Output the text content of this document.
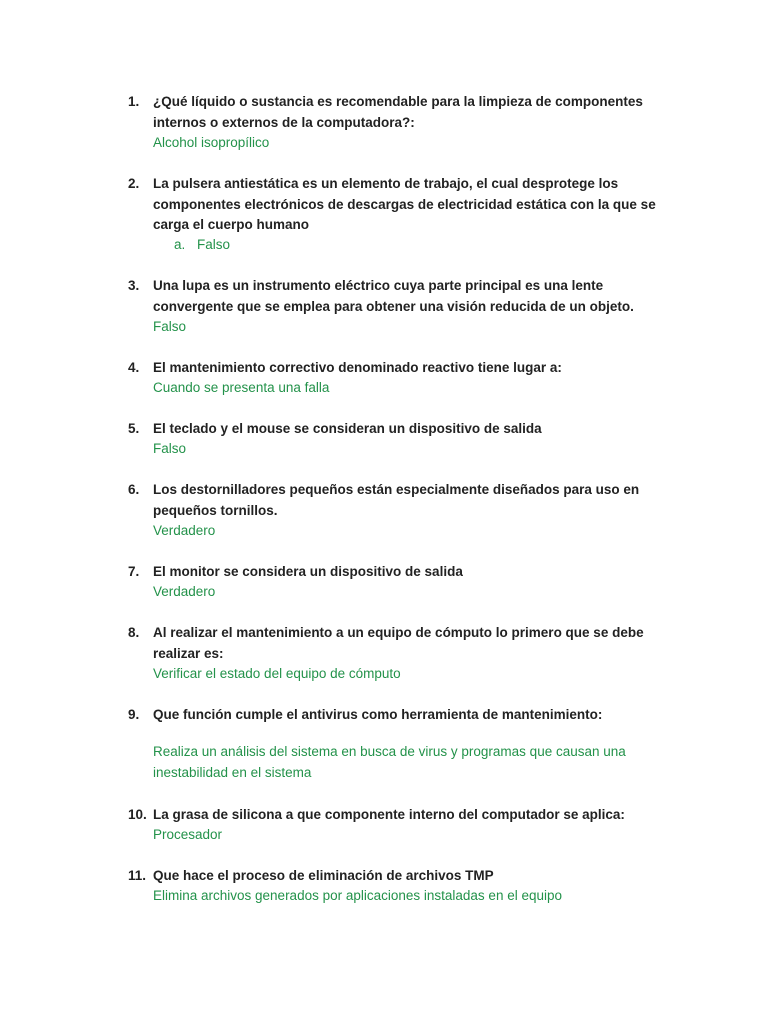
1.	¿Qué líquido o sustancia es recomendable para la limpieza de componentes
internos o externos de la computadora?:
Alcohol isopropílico
2.	La pulsera antiestática es un elemento de trabajo, el cual desprotege los
componentes electrónicos de descargas de electricidad estática con la que se
carga el cuerpo humano
a. Falso
3.	Una lupa es un instrumento eléctrico cuya parte principal es una lente
convergente que se emplea para obtener una visión reducida de un objeto.
Falso
4.	El mantenimiento correctivo denominado reactivo tiene lugar a:
Cuando se presenta una falla
5.	El teclado y el mouse se consideran un dispositivo de salida
Falso
6.	Los destornilladores pequeños están especialmente diseñados para uso en
pequeños tornillos.
Verdadero
7.	El monitor se considera un dispositivo de salida
Verdadero
8.	Al realizar el mantenimiento a un equipo de cómputo lo primero que se debe
realizar es:
Verificar el estado del equipo de cómputo
9.	Que función cumple el antivirus como herramienta de mantenimiento:
Realiza un análisis del sistema en busca de virus y programas que causan una
inestabilidad en el sistema
10. La grasa de silicona a que componente interno del computador se aplica:
Procesador
11. Que hace el proceso de eliminación de archivos TMP
Elimina archivos generados por aplicaciones instaladas en el equipo
